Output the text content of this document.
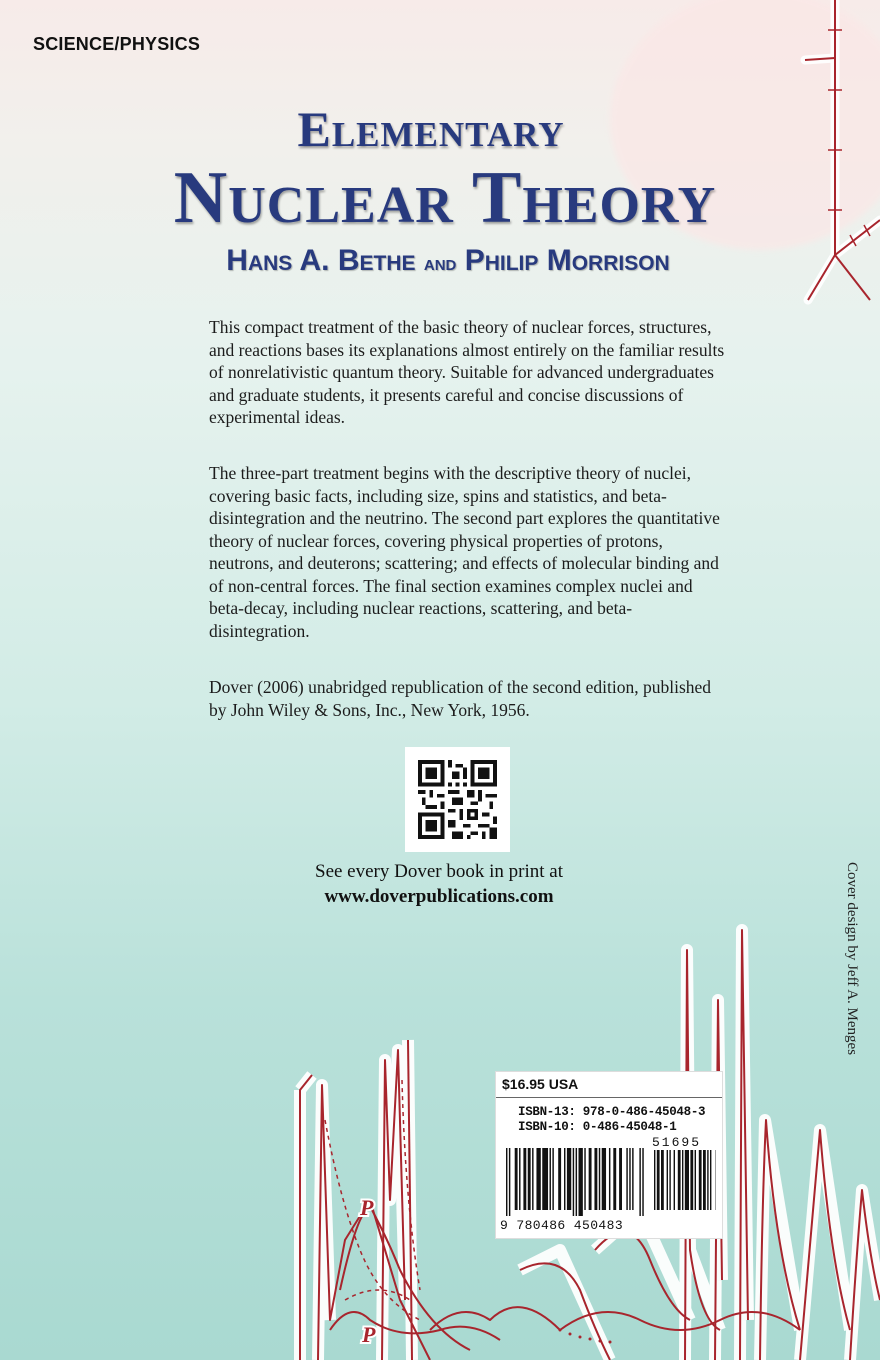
P
P
SCIENCE/PHYSICS
Elementary
Nuclear Theory
Hans A. Bethe and Philip Morrison

This compact treatment of the basic theory of nuclear forces, structures, and reactions bases its explanations almost entirely on the familiar results of nonrelativistic quantum theory. Suitable for advanced undergraduates and graduate students, it presents careful and concise discussions of experimental ideas.

The three-part treatment begins with the descriptive theory of nuclei, covering basic facts, including size, spins and statistics, and beta-disintegration and the neutrino. The second part explores the quantitative theory of nuclear forces, covering physical properties of protons, neutrons, and deuterons; scattering; and effects of molecular binding and of non-central forces. The final section examines complex nuclei and beta-decay, including nuclear reactions, scattering, and beta-disintegration.

Dover (2006) unabridged republication of the second edition, published by John Wiley & Sons, Inc., New York, 1956.

See every Dover book in print at
www.doverpublications.com	Cover design by Jeff A. Menges
$16.95 USA
ISBN-13: 978-0-486-45048-3
ISBN-10: 0-486-45048-1
51695
9 780486 450483
